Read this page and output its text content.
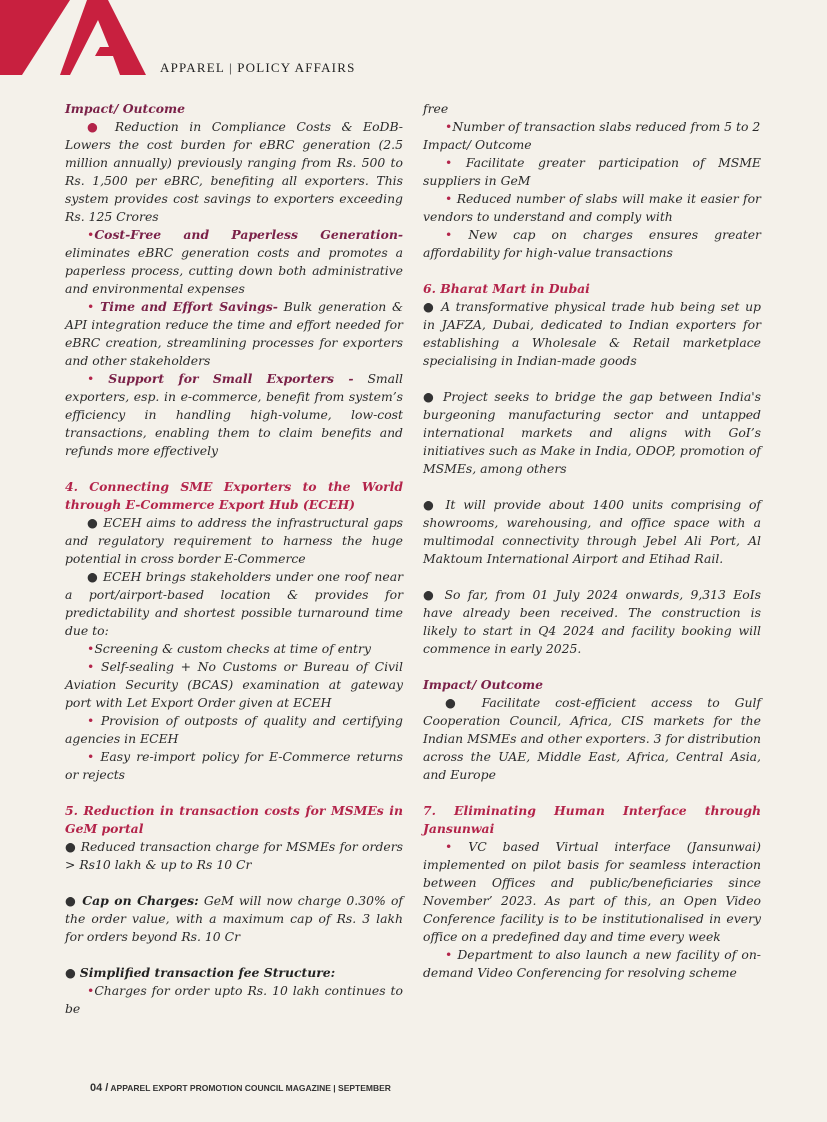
APPAREL | POLICY AFFAIRS

Impact/ Outcome

● Reduction in Compliance Costs & EoDB- Lowers the cost burden for eBRC generation (2.5 million annually) previously ranging from Rs. 500 to Rs. 1,500 per eBRC, benefiting all exporters. This system provides cost savings to exporters exceeding Rs. 125 Crores

•Cost-Free and Paperless Generation- eliminates eBRC generation costs and promotes a paperless process, cutting down both administrative and environmental expenses

• Time and Effort Savings- Bulk generation & API integration reduce the time and effort needed for eBRC creation, streamlining processes for exporters and other stakeholders

• Support for Small Exporters - Small exporters, esp. in e-commerce, benefit from system’s efficiency in handling high-volume, low-cost transactions, enabling them to claim benefits and refunds more effectively

4. Connecting SME Exporters to the World through E-Commerce Export Hub (ECEH)

● ECEH aims to address the infrastructural gaps and regulatory requirement to harness the huge potential in cross border E-Commerce

● ECEH brings stakeholders under one roof near a port/airport-based location & provides for predictability and shortest possible turnaround time due to:

•Screening & custom checks at time of entry

• Self-sealing + No Customs or Bureau of Civil Aviation Security (BCAS) examination at gateway port with Let Export Order given at ECEH

• Provision of outposts of quality and certifying agencies in ECEH

• Easy re-import policy for E-Commerce returns or rejects

5. Reduction in transaction costs for MSMEs in GeM portal

● Reduced transaction charge for MSMEs for orders > Rs10 lakh & up to Rs 10 Cr

● Cap on Charges: GeM will now charge 0.30% of the order value, with a maximum cap of Rs. 3 lakh for orders beyond Rs. 10 Cr

● Simplified transaction fee Structure:

•Charges for order upto Rs. 10 lakh continues to be

free

•Number of transaction slabs reduced from 5 to 2

Impact/ Outcome

• Facilitate greater participation of MSME suppliers in GeM

• Reduced number of slabs will make it easier for vendors to understand and comply with

• New cap on charges ensures greater affordability for high-value transactions

6. Bharat Mart in Dubai

● A transformative physical trade hub being set up in JAFZA, Dubai, dedicated to Indian exporters for establishing a Wholesale & Retail marketplace specialising in Indian-made goods

● Project seeks to bridge the gap between India's burgeoning manufacturing sector and untapped international markets and aligns with GoI’s initiatives such as Make in India, ODOP, promotion of MSMEs, among others

● It will provide about 1400 units comprising of showrooms, warehousing, and office space with a multimodal connectivity through Jebel Ali Port, Al Maktoum International Airport and Etihad Rail.

● So far, from 01 July 2024 onwards, 9,313 EoIs have already been received. The construction is likely to start in Q4 2024 and facility booking will commence in early 2025.

Impact/ Outcome

● Facilitate cost-efficient access to Gulf Cooperation Council, Africa, CIS markets for the Indian MSMEs and other exporters. 3 for distribution across the UAE, Middle East, Africa, Central Asia, and Europe

7. Eliminating Human Interface through Jansunwai

• VC based Virtual interface (Jansunwai) implemented on pilot basis for seamless interaction between Offices and public/beneficiaries since November’ 2023. As part of this, an Open Video Conference facility is to be institutionalised in every office on a predefined day and time every week

• Department to also launch a new facility of on-demand Video Conferencing for resolving scheme

04 / APPAREL EXPORT PROMOTION COUNCIL MAGAZINE | SEPTEMBER
